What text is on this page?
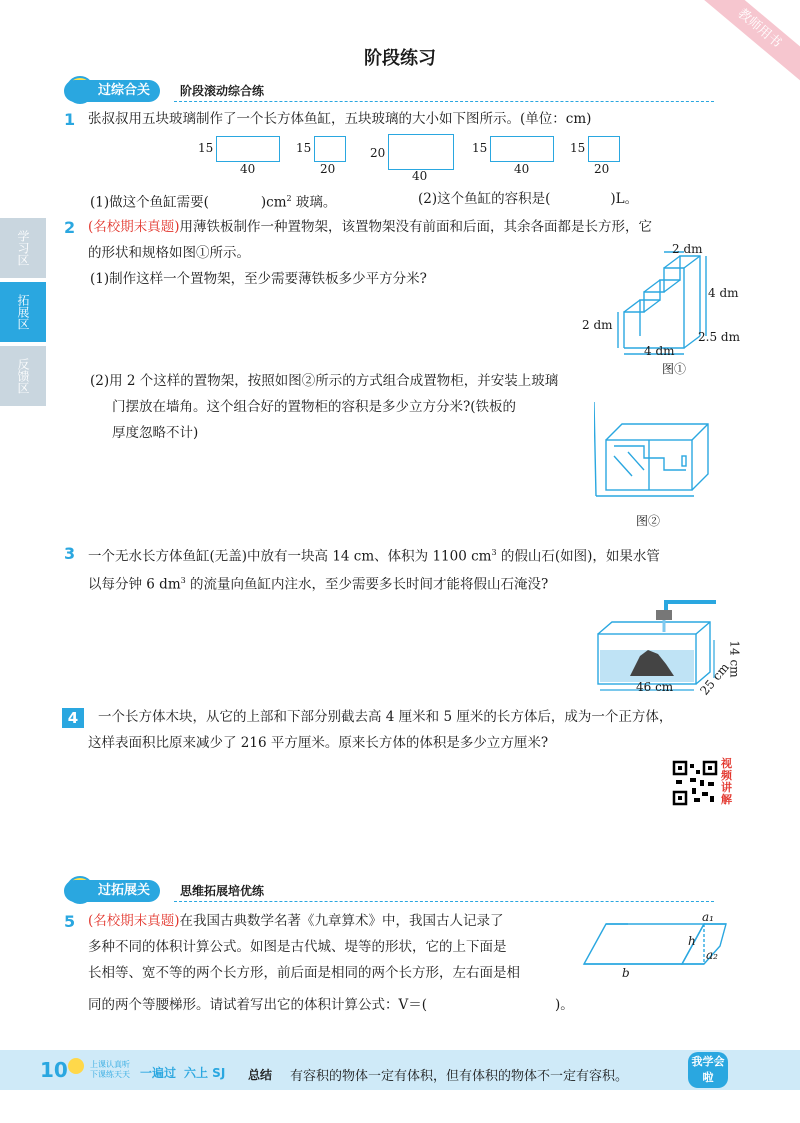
教师用书
阶段练习
学习区
拓展区
反馈区
过综合关	阶段滚动综合练
1 张叔叔用五块玻璃制作了一个长方体鱼缸，五块玻璃的大小如下图所示。(单位：cm)
15
40
15
20
20
40
15
40
15
20
(1)做这个鱼缸需要(	)$cm^2$ 玻璃。	(2)这个鱼缸的容积是(	)L。
2 (名校期末真题)用薄铁板制作一种置物架，该置物架没有前面和后面，其余各面都是长方形，它
的形状和规格如图①所示。
(1)制作这样一个置物架，至少需要薄铁板多少平方分米?
2 dm
4 dm
2 dm
4 dm
2.5 dm
图①
(2)用 2 个这样的置物架，按照如图②所示的方式组合成置物柜，并安装上玻璃
门摆放在墙角。这个组合好的置物柜的容积是多少立方分米?(铁板的
厚度忽略不计)
图②
3 一个无水长方体鱼缸(无盖)中放有一块高 14 cm、体积为 1100 $cm^3$ 的假山石(如图)，如果水管
以每分钟 6 $dm^3$ 的流量向鱼缸内注水，至少需要多长时间才能将假山石淹没?
46 cm 25 cm
14 cm
4	一个长方体木块，从它的上部和下部分别截去高 4 厘米和 5 厘米的长方体后，成为一个正方体，
这样表面积比原来减少了 216 平方厘米。原来长方体的体积是多少立方厘米?
视频讲解
过拓展关	思维拓展培优练
5 (名校期末真题)在我国古典数学名著《九章算术》中，我国古人记录了
多种不同的体积计算公式。如图是古代城、堤等的形状，它的上下面是
长相等、宽不等的两个长方形，前后面是相同的两个长方形，左右面是相
同的两个等腰梯形。请试着写出它的体积计算公式：V＝(	)。
a₁
h
a₂
b
10	上课认真听
下课练天天 一遍过 六上 SJ 总结 有容积的物体一定有体积，但有体积的物体不一定有容积。
我学会啦
